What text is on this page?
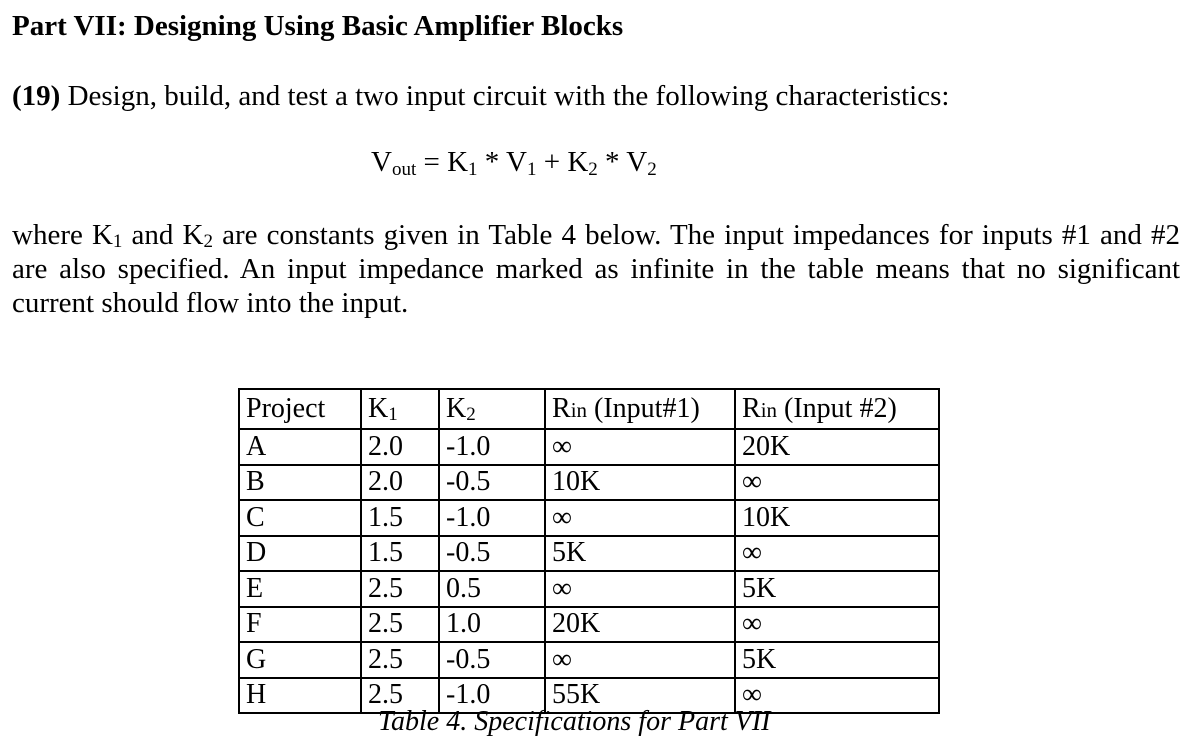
Part VII: Designing Using Basic Amplifier Blocks
(19) Design, build, and test a two input circuit with the following characteristics:
$V_{out} = K_1 * V_1 + K_2 * V_2$
where $K_1$ and $K_2$ are constants given in Table 4 below. The input impedances for inputs #1 and #2 are also specified. An input impedance marked as infinite in the table means that no significant current should flow into the input.
Project	$K_1$	$K_2$	Rin (Input#1)	Rin (Input #2)
A	2.0	-1.0	∞	20K
B	2.0	-0.5	10K	∞
C	1.5	-1.0	∞	10K
D	1.5	-0.5	5K	∞
E	2.5	0.5	∞	5K
F	2.5	1.0	20K	∞
G	2.5	-0.5	∞	5K
H	2.5	-1.0	55K	∞
Table 4. Specifications for Part VII
